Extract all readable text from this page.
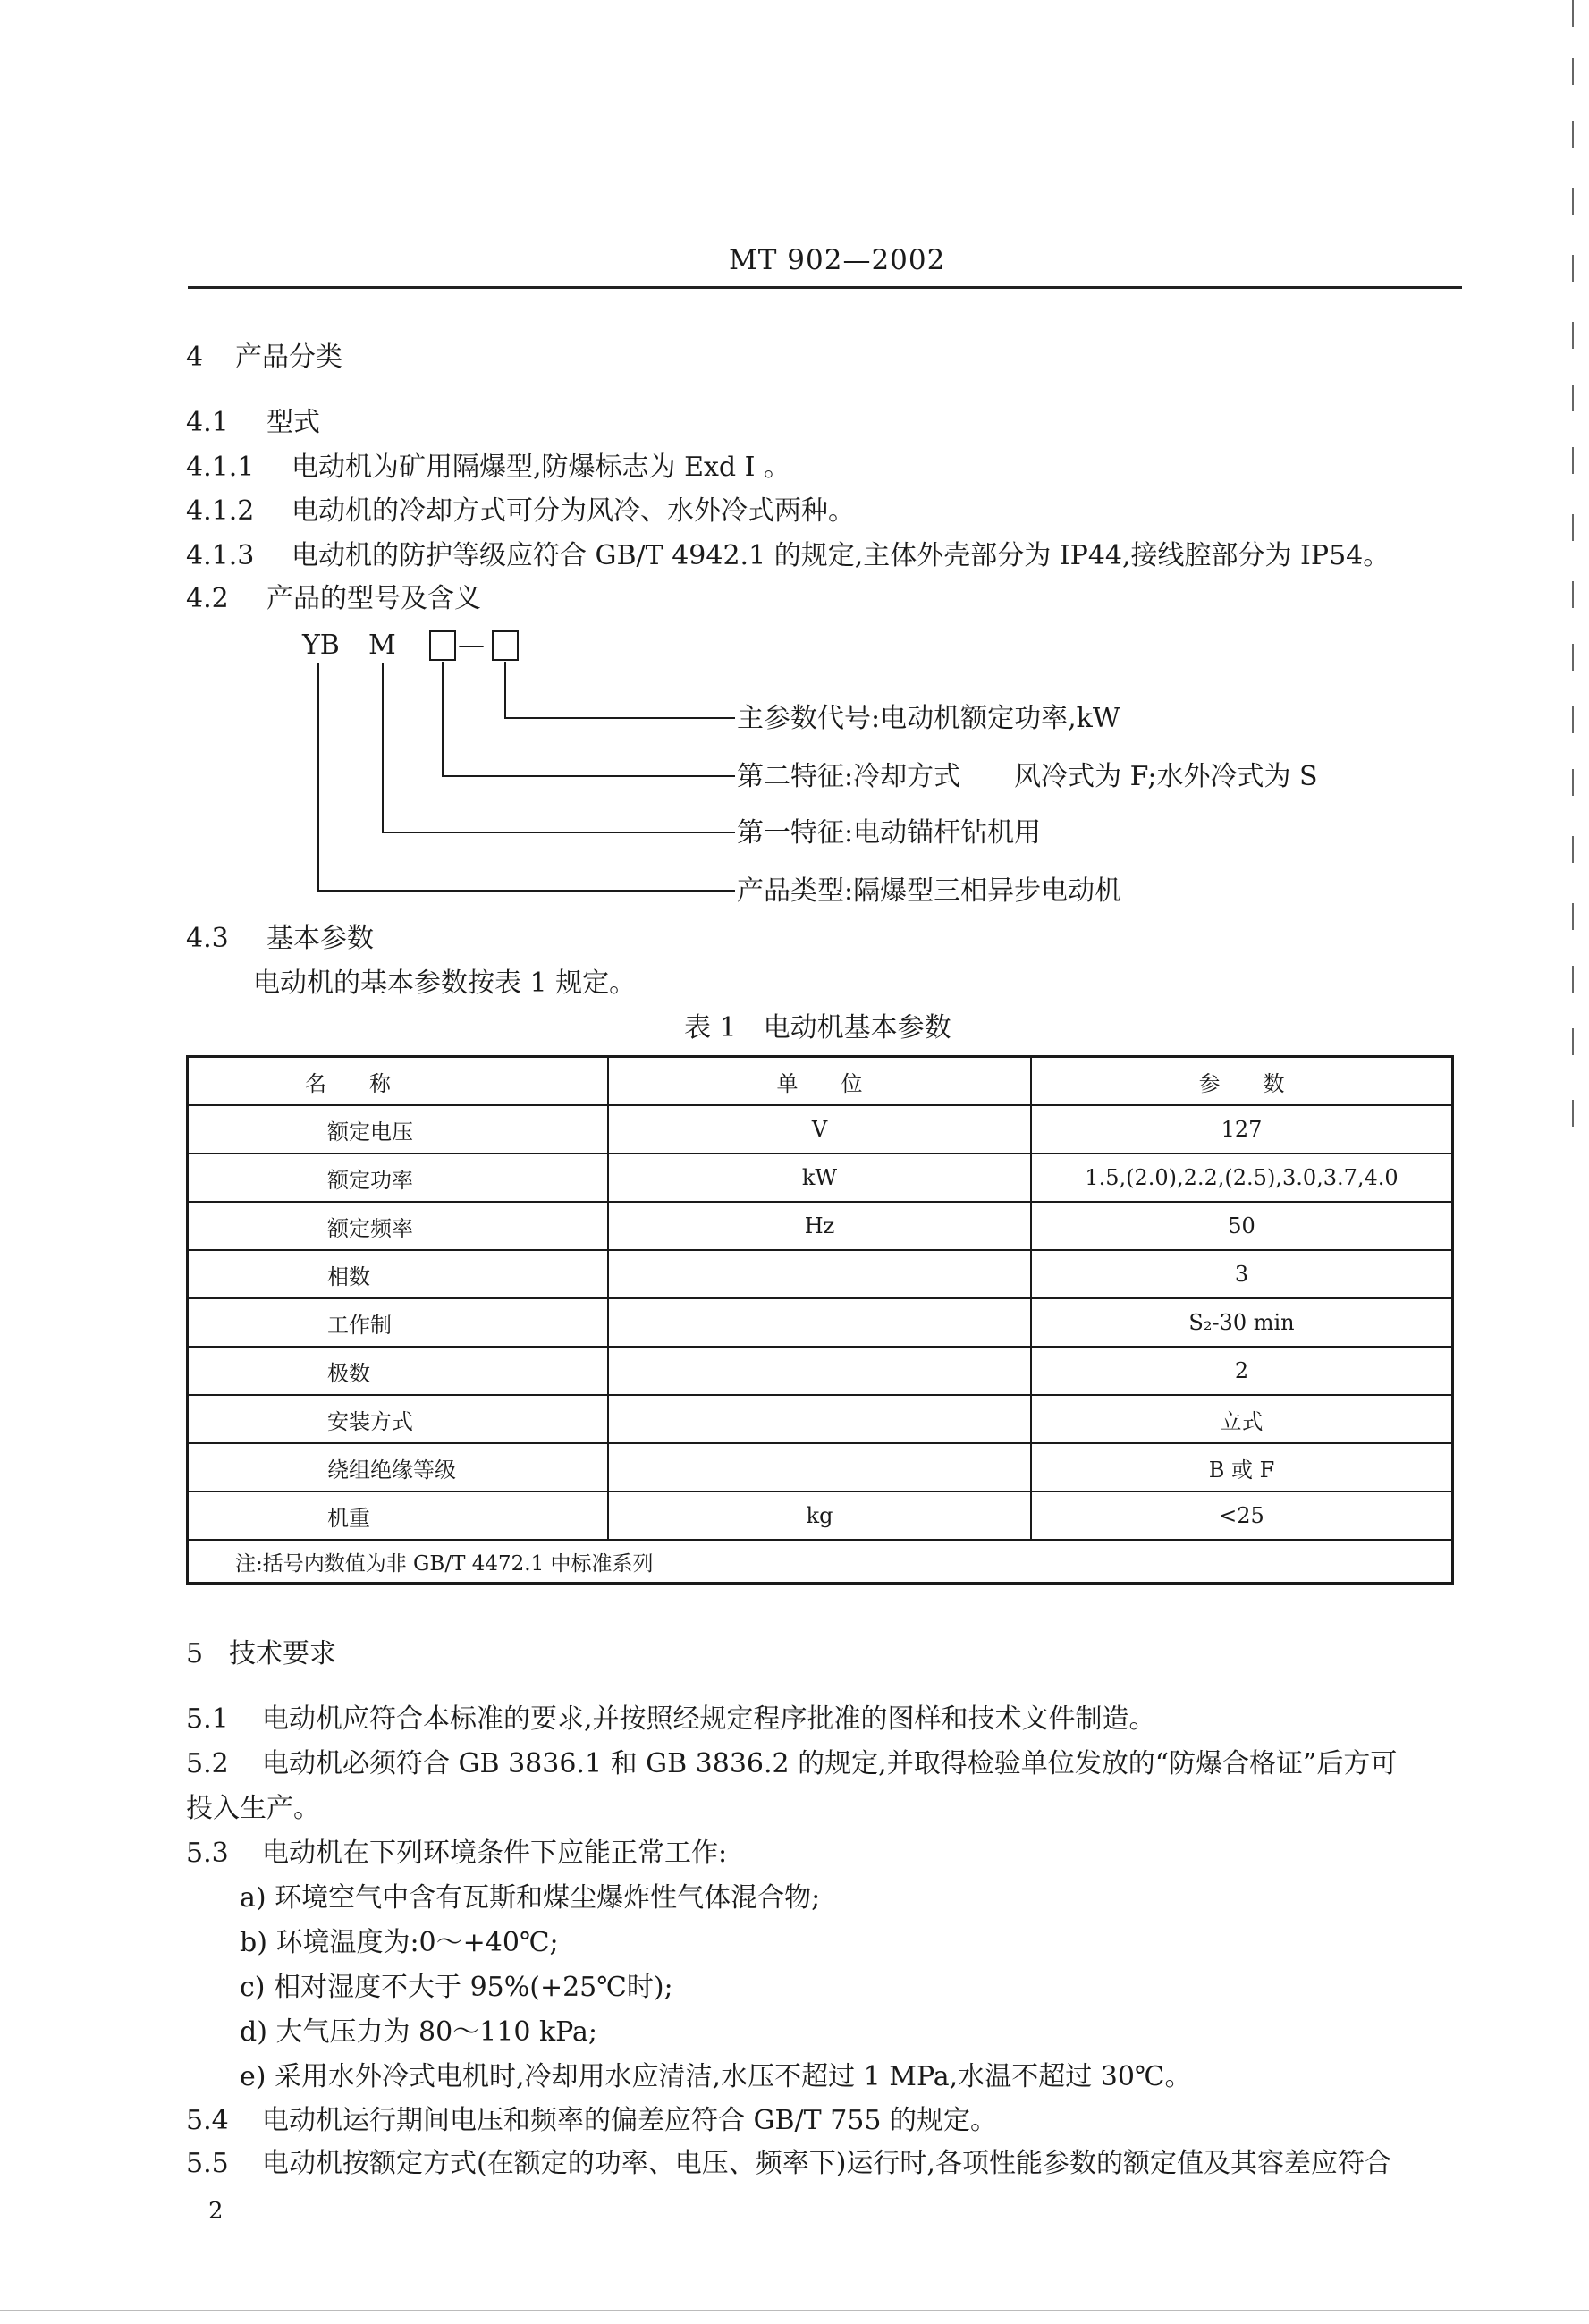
MT 902—2002
4 产品分类
4.1 型式
4.1.1 电动机为矿用隔爆型,防爆标志为 Exd I 。
4.1.2 电动机的冷却方式可分为风冷、水外冷式两种。
4.1.3 电动机的防护等级应符合 GB/T 4942.1 的规定,主体外壳部分为 IP44,接线腔部分为 IP54。
4.2 产品的型号及含义
YB M —
主参数代号:电动机额定功率,kW
第二特征:冷却方式　　风冷式为 F;水外冷式为 S
第一特征:电动锚杆钻机用
产品类型:隔爆型三相异步电动机
4.3 基本参数
电动机的基本参数按表 1 规定。
表 1　电动机基本参数
名　　称	单　　位	参　　数
额定电压	V	127
额定功率	kW	1.5,(2.0),2.2,(2.5),3.0,3.7,4.0
额定频率	Hz	50
相数		3
工作制		S₂-30 min
极数		2
安装方式		立式
绕组绝缘等级		B 或 F
机重	kg	<25
注:括号内数值为非 GB/T 4472.1 中标准系列		
5 技术要求
5.1 电动机应符合本标准的要求,并按照经规定程序批准的图样和技术文件制造。
5.2 电动机必须符合 GB 3836.1 和 GB 3836.2 的规定,并取得检验单位发放的“防爆合格证”后方可
投入生产。
5.3 电动机在下列环境条件下应能正常工作:
a) 环境空气中含有瓦斯和煤尘爆炸性气体混合物;
b) 环境温度为:0～+40℃;
c) 相对湿度不大于 95%(+25℃时);
d) 大气压力为 80～110 kPa;
e) 采用水外冷式电机时,冷却用水应清洁,水压不超过 1 MPa,水温不超过 30℃。
5.4 电动机运行期间电压和频率的偏差应符合 GB/T 755 的规定。
5.5 电动机按额定方式(在额定的功率、电压、频率下)运行时,各项性能参数的额定值及其容差应符合
2
